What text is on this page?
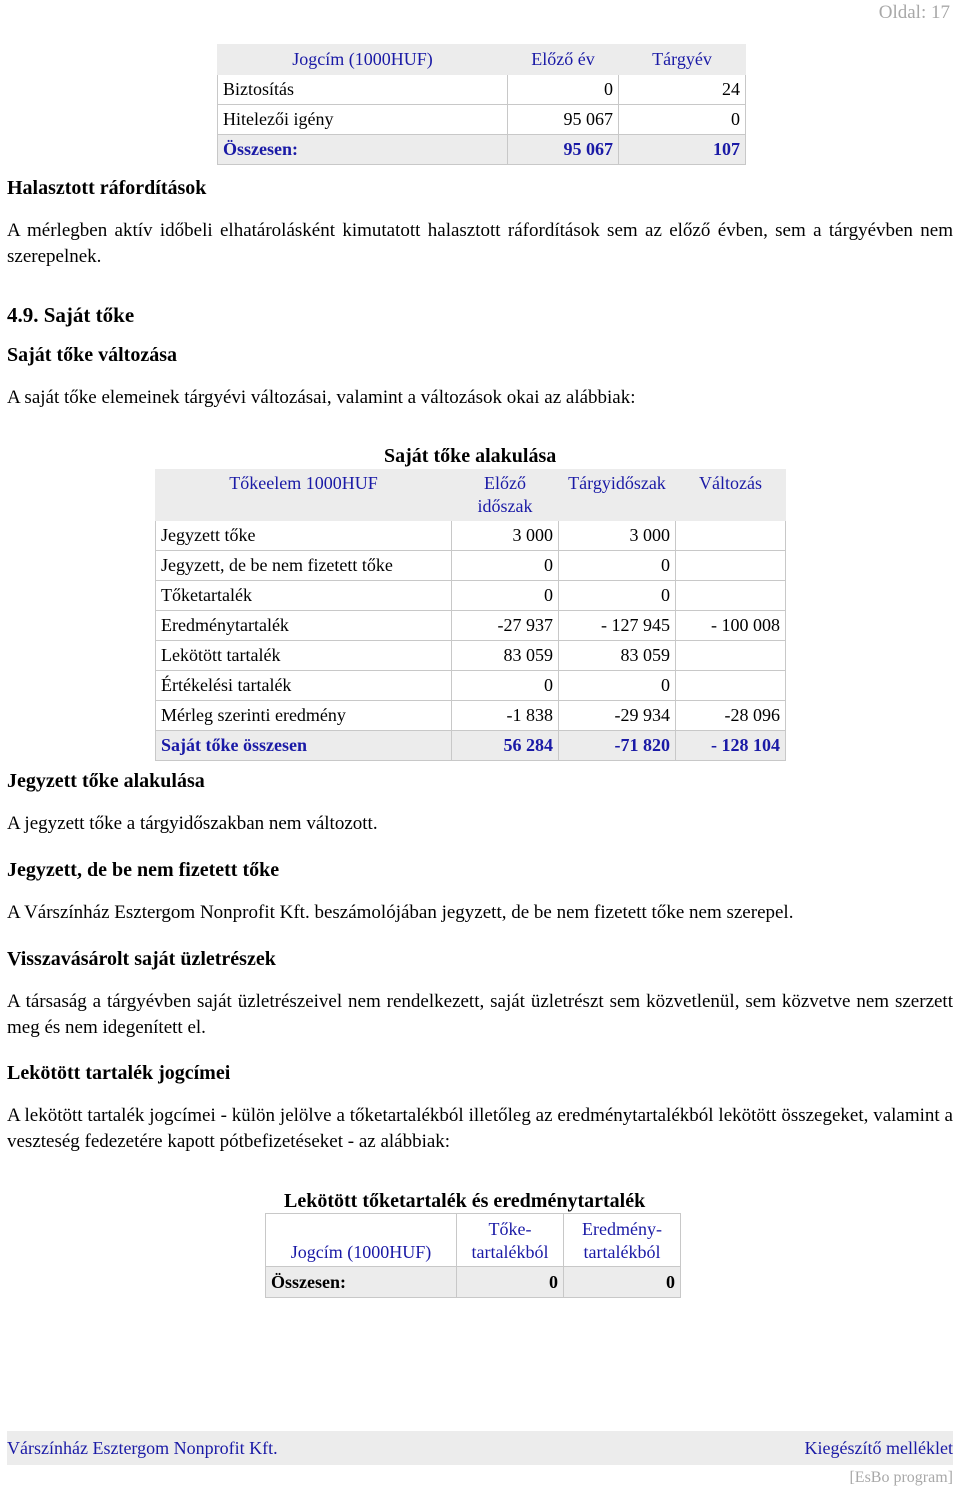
Oldal: 17
Jogcím (1000HUF)	Előző év	Tárgyév
Biztosítás	0	24
Hitelezői igény	95 067	0
Összesen:	95 067	107
Halasztott ráfordítások
A mérlegben aktív időbeli elhatárolásként kimutatott halasztott ráfordítások sem az előző évben, sem a tárgyévben nem szerepelnek.
4.9. Saját tőke
Saját tőke változása
A saját tőke elemeinek tárgyévi változásai, valamint a változások okai az alábbiak:
Saját tőke alakulása
Tőkeelem 1000HUF	Előző időszak	Tárgyidőszak	Változás
Jegyzett tőke	3 000	3 000	
Jegyzett, de be nem fizetett tőke	0	0	
Tőketartalék	0	0	
Eredménytartalék	-27 937	- 127 945	- 100 008
Lekötött tartalék	83 059	83 059	
Értékelési tartalék	0	0	
Mérleg szerinti eredmény	-1 838	-29 934	-28 096
Saját tőke összesen	56 284	-71 820	- 128 104
Jegyzett tőke alakulása
A jegyzett tőke a tárgyidőszakban nem változott.
Jegyzett, de be nem fizetett tőke
A Várszínház Esztergom Nonprofit Kft. beszámolójában jegyzett, de be nem fizetett tőke nem szerepel.
Visszavásárolt saját üzletrészek
A társaság a tárgyévben saját üzletrészeivel nem rendelkezett, saját üzletrészt sem közvetlenül, sem közvetve nem szerzett meg és nem idegenített el.
Lekötött tartalék jogcímei
A lekötött tartalék jogcímei - külön jelölve a tőketartalékból illetőleg az eredménytartalékból lekötött összegeket, valamint a veszteség fedezetére kapott pótbefizetéseket - az alábbiak:
Lekötött tőketartalék és eredménytartalék
Jogcím (1000HUF)	Tőke-tartalékból	Eredmény-tartalékból
Összesen:	0	0
Várszínház Esztergom Nonprofit Kft.	Kiegészítő melléklet
[EsBo program]
